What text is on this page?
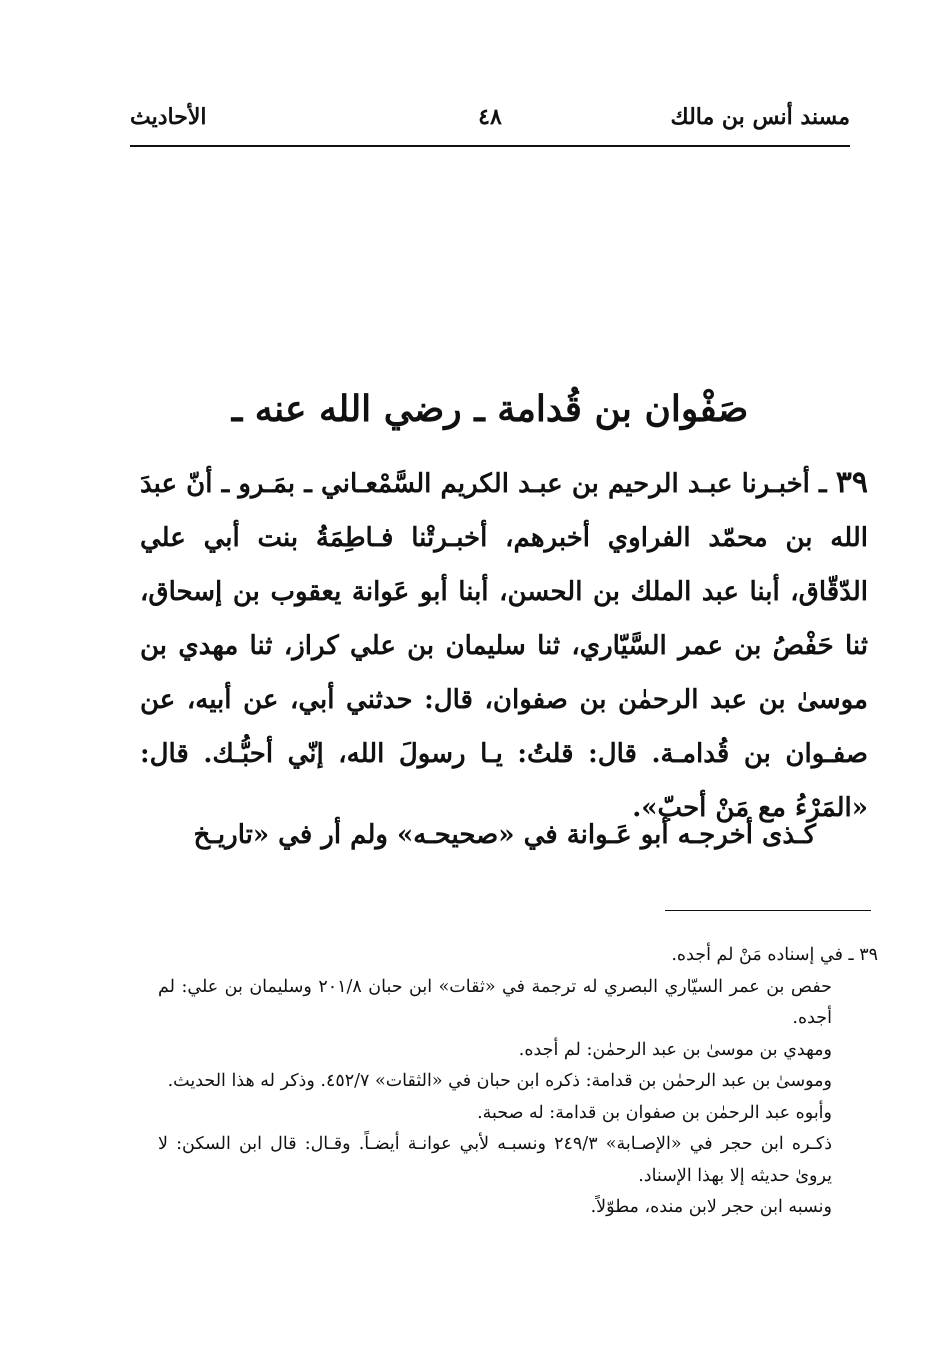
مسند أنس بن مالك
٤٨
الأحاديث
صَفْوان بن قُدامة ـ رضي الله عنه ـ
٣٩ ـ أخبـرنا عبـد الرحيم بن عبـد الكريم السَّمْعـاني ـ بمَـرو ـ أنّ عبدَ الله بن محمّد الفراوي أخبرهم، أخبـرتْنا فـاطِمَةُ بنت أبي علي الدّقّاق، أبنا عبد الملك بن الحسن، أبنا أبو عَوانة يعقوب بن إسحاق، ثنا حَفْصُ بن عمر السَّيّاري، ثنا سليمان بن علي كراز، ثنا مهدي بن موسىٰ بن عبد الرحمٰن بن صفوان، قال: حدثني أبي، عن أبيه، عن صفـوان بن قُدامـة. قال: قلتُ: يـا رسولَ الله، إنّي أحبُّـك. قال: «المَرْءُ مع مَنْ أحبّ».
كـذى أخرجـه أبو عَـوانة في «صحيحـه» ولم أر في «تاريـخ
٣٩ ـ في إسناده مَنْ لم أجده.
حفص بن عمر السيّاري البصري له ترجمة في «ثقات» ابن حبان ٢٠١/٨ وسليمان بن علي: لم أجده.
ومهدي بن موسىٰ بن عبد الرحمٰن: لم أجده.
وموسىٰ بن عبد الرحمٰن بن قدامة: ذكره ابن حبان في «الثقات» ٤٥٢/٧. وذكر له هذا الحديث.
وأبوه عبد الرحمٰن بن صفوان بن قدامة: له صحبة.
ذكـره ابن حجر في «الإصـابة» ٢٤٩/٣ ونسبـه لأبي عوانـة أيضـاً. وقـال: قال ابن السكن: لا يروىٰ حديثه إلا بهذا الإسناد.
ونسبه ابن حجر لابن منده، مطوّلاً.
